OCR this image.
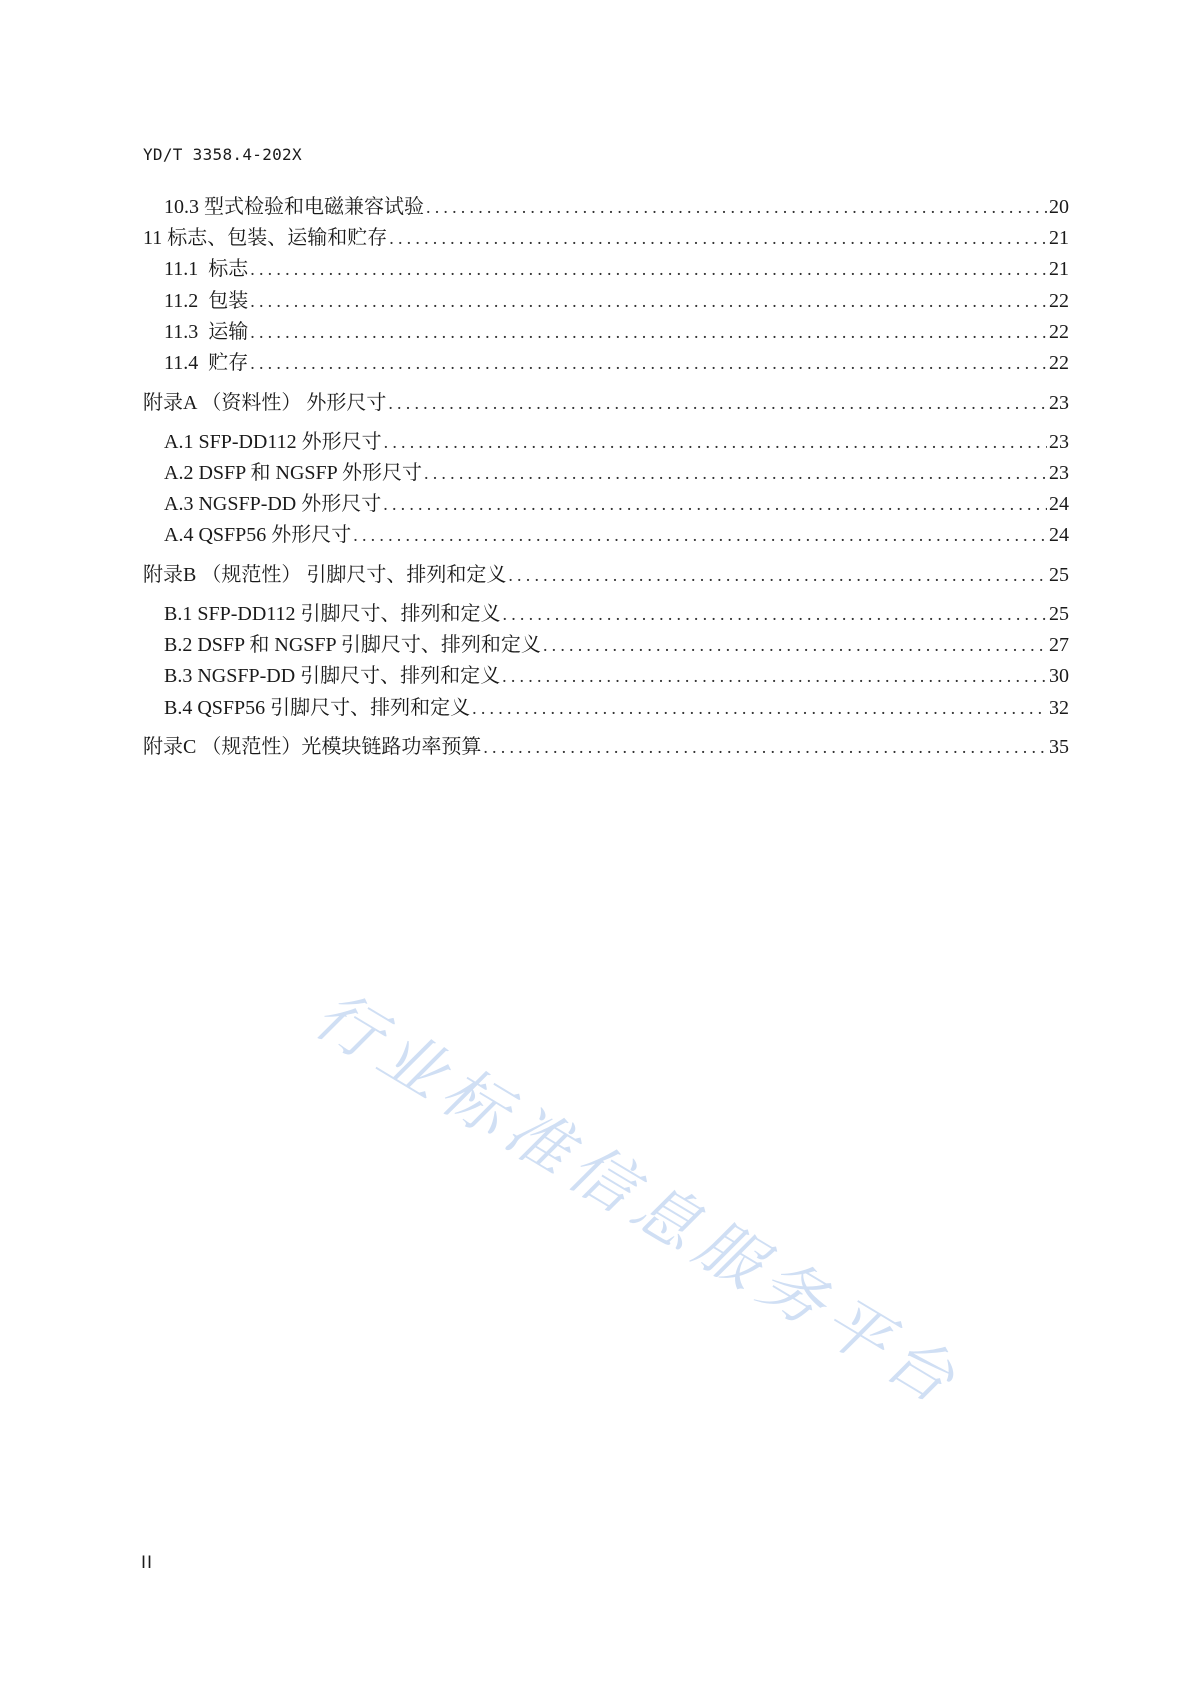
YD/T 3358.4-202X
10.3 型式检验和电磁兼容试验 .....	20
11 标志、包装、运输和贮存 .....	21
11.1  标志 .....	21
11.2  包装 .....	22
11.3  运输 .....	22
11.4  贮存 .....	22
附录A （资料性） 外形尺寸 .....	23
A.1 SFP-DD112 外形尺寸 .....	23
A.2 DSFP 和 NGSFP 外形尺寸 .....	23
A.3 NGSFP-DD 外形尺寸 .....	24
A.4 QSFP56 外形尺寸 .....	24
附录B （规范性） 引脚尺寸、排列和定义 .....	25
B.1 SFP-DD112 引脚尺寸、排列和定义 .....	25
B.2 DSFP 和 NGSFP 引脚尺寸、排列和定义 .....	27
B.3 NGSFP-DD 引脚尺寸、排列和定义 .....	30
B.4 QSFP56 引脚尺寸、排列和定义 .....	32
附录C （规范性）光模块链路功率预算 .....	35
行业标准信息服务平台
II
